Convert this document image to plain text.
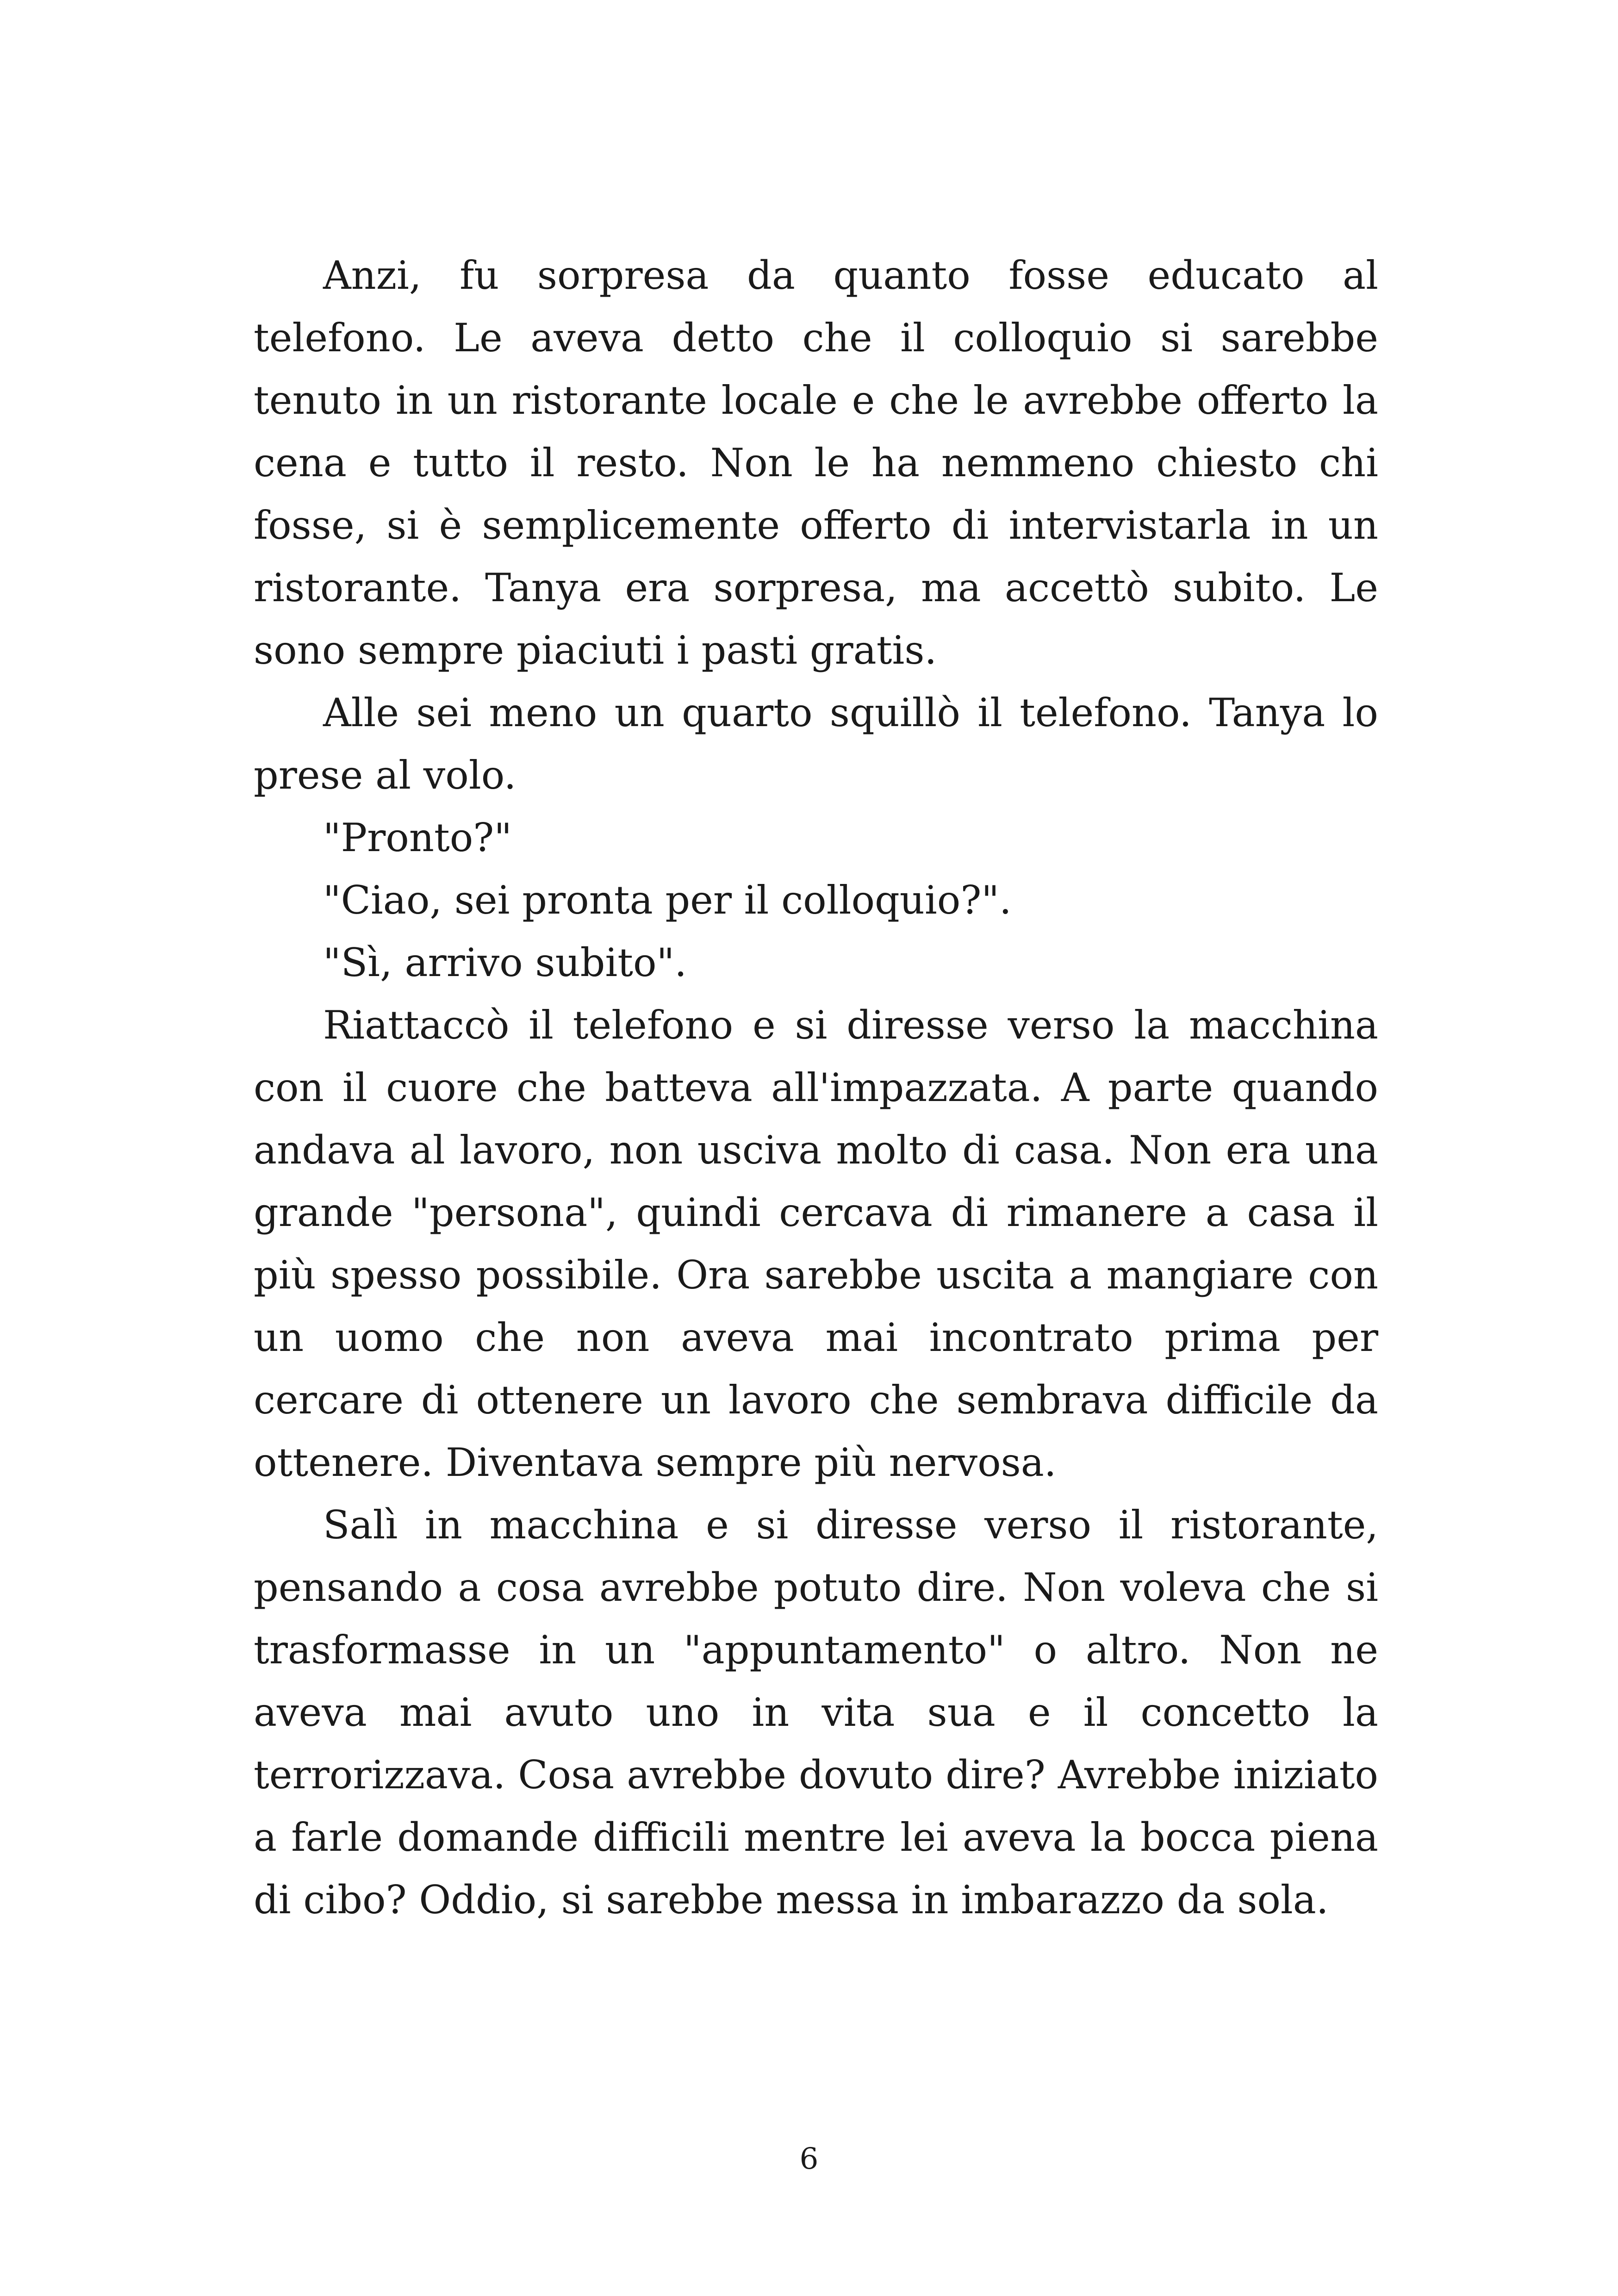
Anzi, fu sorpresa da quanto fosse educato al telefono. Le aveva detto che il colloquio si sarebbe tenuto in un ristorante locale e che le avrebbe offerto la cena e tutto il resto. Non le ha nemmeno chiesto chi fosse, si è semplicemente offerto di intervistarla in un ristorante. Tanya era sorpresa, ma accettò subito. Le sono sempre piaciuti i pasti gratis.

Alle sei meno un quarto squillò il telefono. Tanya lo prese al volo.

"Pronto?"

"Ciao, sei pronta per il colloquio?".

"Sì, arrivo subito".

Riattaccò il telefono e si diresse verso la macchina con il cuore che batteva all'impazzata. A parte quando andava al lavoro, non usciva molto di casa. Non era una grande "persona", quindi cercava di rimanere a casa il più spesso possibile. Ora sarebbe uscita a mangiare con un uomo che non aveva mai incontrato prima per cercare di ottenere un lavoro che sembrava difficile da ottenere. Diventava sempre più nervosa.

Salì in macchina e si diresse verso il ristorante, pensando a cosa avrebbe potuto dire. Non voleva che si trasformasse in un "appuntamento" o altro. Non ne aveva mai avuto uno in vita sua e il concetto la terrorizzava. Cosa avrebbe dovuto dire? Avrebbe iniziato a farle domande difficili mentre lei aveva la bocca piena di cibo? Oddio, si sarebbe messa in imbarazzo da sola.

6
